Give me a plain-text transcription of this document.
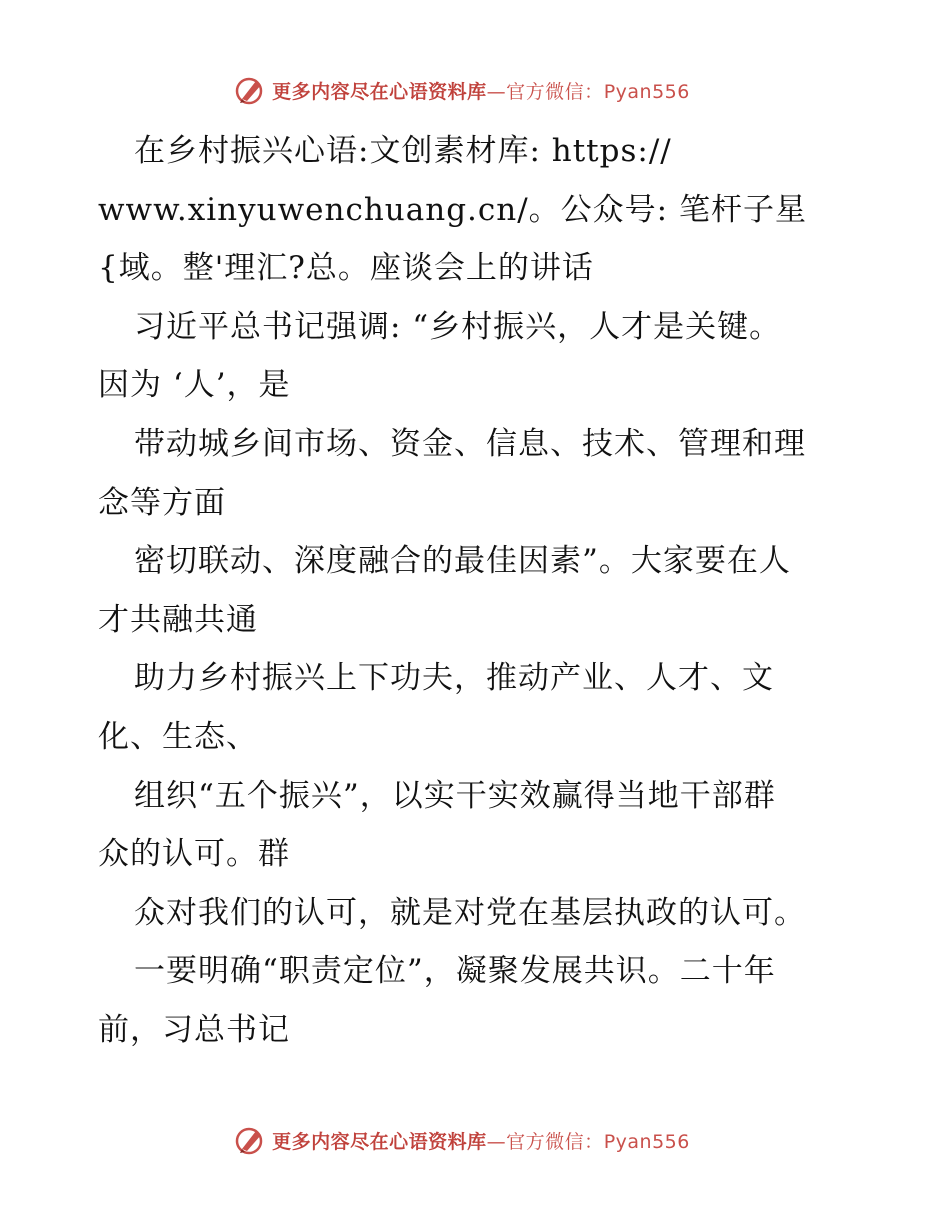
更多内容尽在心语资料库—官方微信：Pyan556
在乡村振兴心语:文创素材库: https://
www.xinyuwenchuang.cn/。公众号: 笔杆子星
{域。整'理汇?总。座谈会上的讲话
习近平总书记强调: “乡村振兴，人才是关键。
因为 ‘人’，是
带动城乡间市场、资金、信息、技术、管理和理
念等方面
密切联动、深度融合的最佳因素”。大家要在人
才共融共通
助力乡村振兴上下功夫，推动产业、人才、文
化、生态、
组织“五个振兴”，以实干实效赢得当地干部群
众的认可。群
众对我们的认可，就是对党在基层执政的认可。
一要明确“职责定位”，凝聚发展共识。二十年
前，习总书记
更多内容尽在心语资料库—官方微信：Pyan556
